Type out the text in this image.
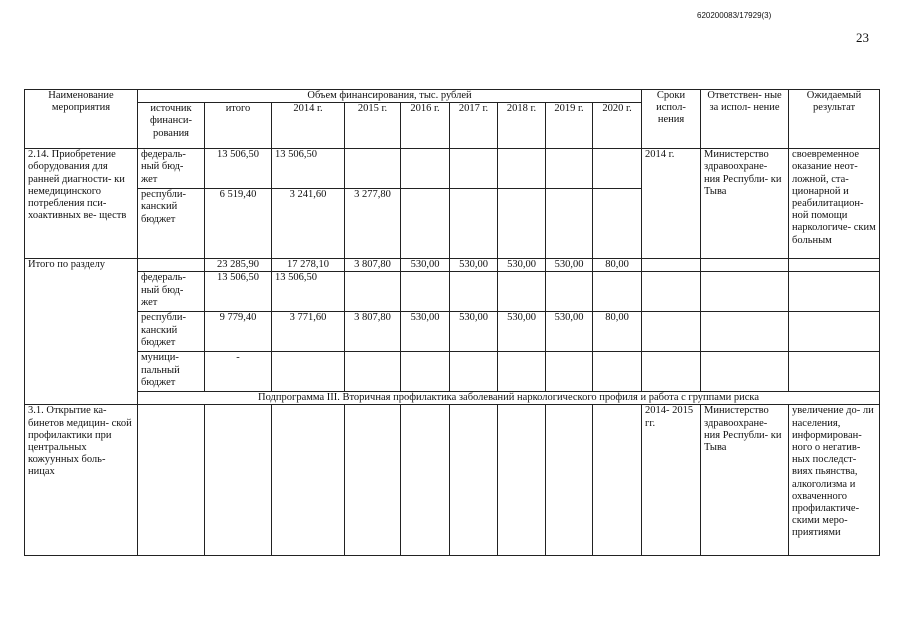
620200083/17929(3)
23
Наименование мероприятия	Объем финансирования, тыс. рублей									Сроки испол- нения	Ответствен- ные за испол- нение	Ожидаемый результат
	источник финанси- рования	итого	2014 г.	2015 г.	2016 г.	2017 г.	2018 г.	2019 г.	2020 г.			
2.14. Приобретение оборудования для ранней диагности- ки немедицинского потребления пси- хоактивных ве- ществ	федераль- ный бюд- жет	13 506,50	13 506,50							2014 г.	Министерство здравоохране- ния Республи- ки Тыва	своевременное оказание неот- ложной, ста- ционарной и реабилитацион- ной помощи наркологиче- ским больным
	республи- канский бюджет	6 519,40	3 241,60	3 277,80								
Итого по разделу		23 285,90	17 278,10	3 807,80	530,00	530,00	530,00	530,00	80,00			
	федераль- ный бюд- жет	13 506,50	13 506,50									
	республи- канский бюджет	9 779,40	3 771,60	3 807,80	530,00	530,00	530,00	530,00	80,00			
	муници- пальный бюджет	-										
	Подпрограмма III. Вторичная профилактика заболеваний наркологического профиля и работа с группами риска											
3.1. Открытие ка- бинетов медицин- ской профилактики при центральных кожуунных боль- ницах										2014- 2015 гг.	Министерство здравоохране- ния Республи- ки Тыва	увеличение до- ли населения, информирован- ного о негатив- ных последст- виях пьянства, алкоголизма и охваченного профилактиче- скими меро- приятиями
